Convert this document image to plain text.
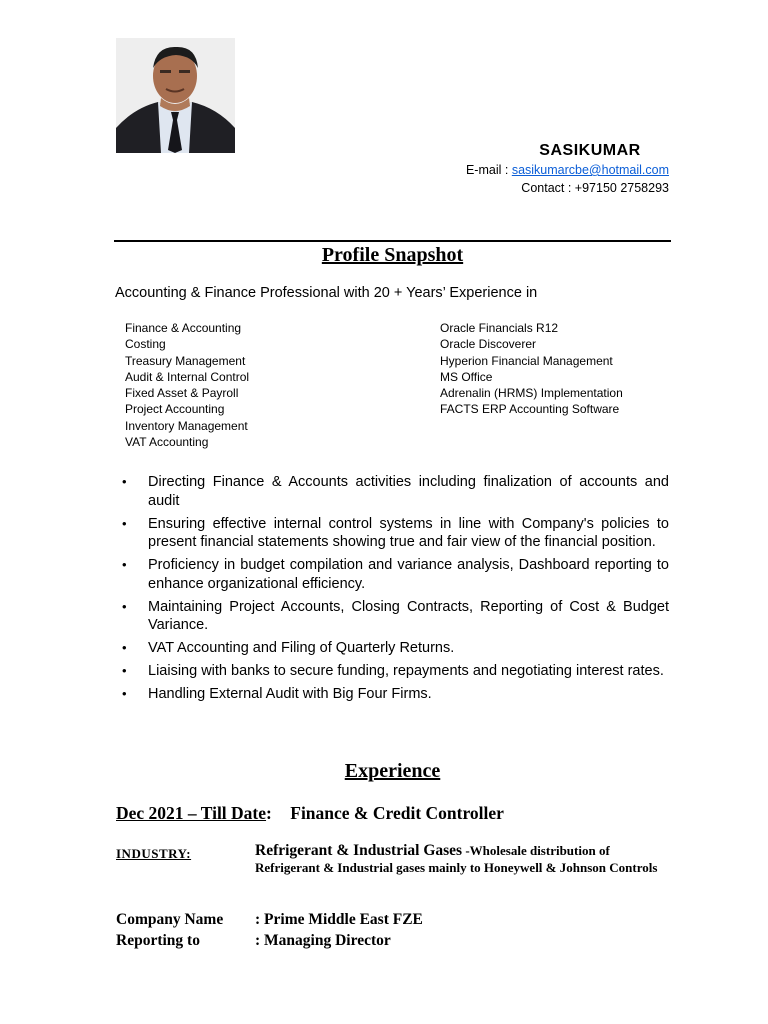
SASIKUMAR
E-mail : sasikumarcbe@hotmail.com
Contact : +97150 2758293
Profile Snapshot
Accounting & Finance Professional with 20 + Years’ Experience in
Finance & Accounting
Costing
Treasury Management
Audit & Internal Control
Fixed Asset & Payroll
Project Accounting
Inventory Management
VAT Accounting
Oracle Financials R12
Oracle Discoverer
Hyperion Financial Management
MS Office
Adrenalin (HRMS) Implementation
FACTS ERP Accounting Software
• Directing Finance & Accounts activities including finalization of accounts and audit
• Ensuring effective internal control systems in line with Company's policies to present financial statements showing true and fair view of the financial position.
• Proficiency in budget compilation and variance analysis, Dashboard reporting to enhance organizational efficiency.
• Maintaining Project Accounts, Closing Contracts, Reporting of Cost & Budget Variance.
• VAT Accounting and Filing of Quarterly Returns.
• Liaising with banks to secure funding, repayments and negotiating interest rates.
• Handling External Audit with Big Four Firms.
Experience
Dec 2021 – Till Date: Finance & Credit Controller
INDUSTRY:	Refrigerant & Industrial Gases -Wholesale distribution of Refrigerant & Industrial gases mainly to Honeywell & Johnson Controls
Company Name : Prime Middle East FZE
Reporting to	: Managing Director
